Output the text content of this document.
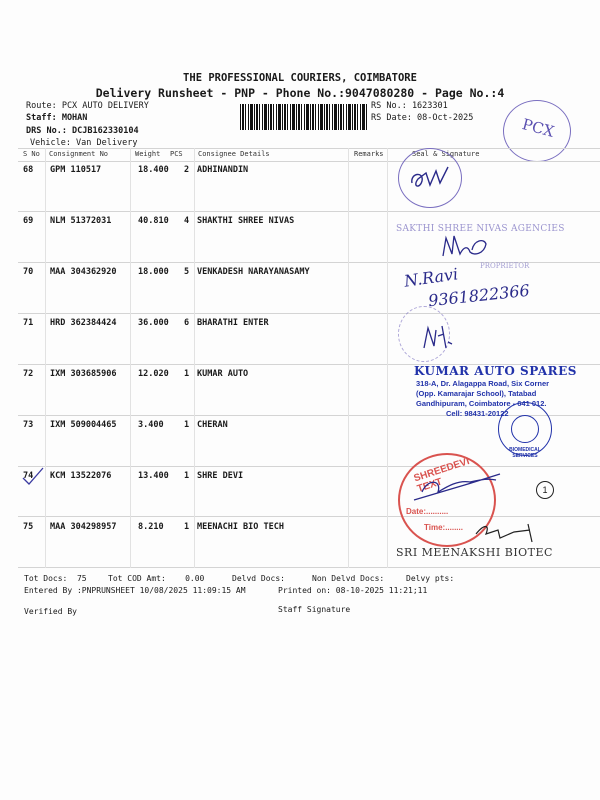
THE PROFESSIONAL COURIERS, COIMBATORE
Delivery Runsheet - PNP - Phone No.:9047080280 - Page No.:4
Route: PCX AUTO DELIVERY
Staff: MOHAN
DRS No.: DCJB162330104
Vehicle: Van Delivery
RS No.: 1623301
RS Date: 08-Oct-2025	PCX
S No Consignment No	Weight PCS Consignee Details	Remarks	Seal & Signature
68 GPM 110517	18.400 2 ADHINANDIN
69 NLM 51372031	40.810 4 SHAKTHI SHREE NIVAS
70 MAA 304362920	18.000 5 VENKADESH NARAYANASAMY
71 HRD 362384424	36.000 6 BHARATHI ENTER
72 IXM 303685906	12.020 1 KUMAR AUTO
73 IXM 509004465	3.400 1 CHERAN
74 KCM 13522076	13.400 1 SHRE DEVI
75 MAA 304298957	8.210 1 MEENACHI BIO TECH
SAKTHI SHREE NIVAS AGENCIES
PROPRIETOR
N.Ravi
9361822366
KUMAR AUTO SPARES
318-A, Dr. Alagappa Road, Six Corner
(Opp. Kamarajar School), Tatabad
Gandhipuram, Coimbatore - 641 012.
Cell: 98431-20122
BIOMEDICAL SERVICES
SHREEDEVI TEXT
Date:..........
Time:........
1
SRI MEENAKSHI BIOTEC
Tot Docs:  75	Tot COD Amt:    0.00	Delvd Docs:	Non Delvd Docs:	Delvy pts:
Entered By :PNPRUNSHEET 10/08/2025 11:09:15 AM	Printed on: 08-10-2025 11:21;11
Verified By	Staff Signature
